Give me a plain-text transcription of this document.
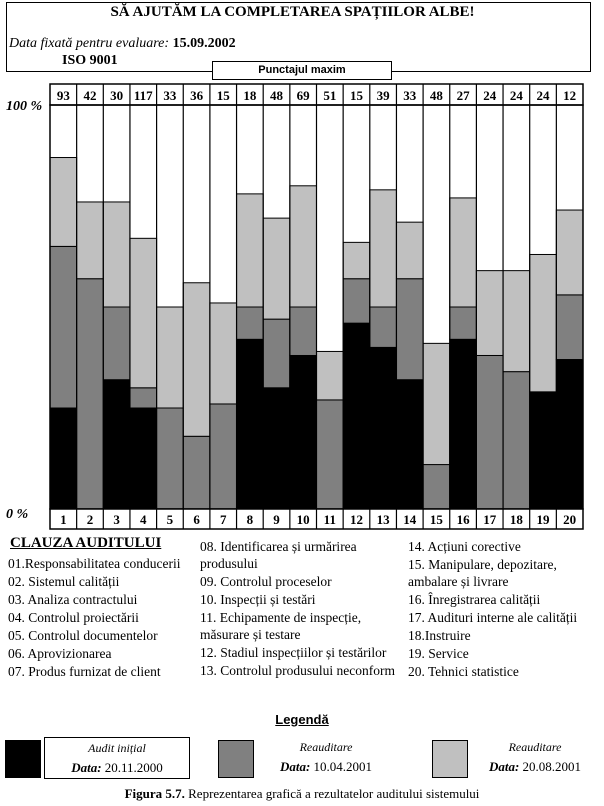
SĂ AJUTĂM LA COMPLETAREA SPAȚIILOR ALBE!
Data fixată pentru evaluare: 15.09.2002
ISO 9001
Punctajul maxim
93
1
42
2
30
3
117
4
33
5
36
6
15
7
18
8
48
9
69
10
51
11
15
12
39
13
33
14
48
15
27
16
24
17
24
18
24
19
12
20
100 %
0 %
CLAUZA AUDITULUI
01.Responsabilitatea conducerii
02. Sistemul calității
03. Analiza contractului
04. Controlul proiectării
05. Controlul documentelor
06. Aprovizionarea
07. Produs furnizat de client
08. Identificarea și urmărirea produsului
09. Controlul proceselor
10. Inspecții și testări
11. Echipamente de inspecție, măsurare și testare
12. Stadiul inspecțiilor și testărilor
13. Controlul produsului neconform
14. Acțiuni corective
15. Manipulare, depozitare, ambalare și livrare
16. Înregistrarea calității
17. Audituri interne ale calității
18.Instruire
19. Service
20. Tehnici statistice
Legendă
Audit inițial
Data: 20.11.2000
Reauditare
Data: 10.04.2001
Reauditare
Data: 20.08.2001
Figura 5.7. Reprezentarea grafică a rezultatelor auditului sistemului
